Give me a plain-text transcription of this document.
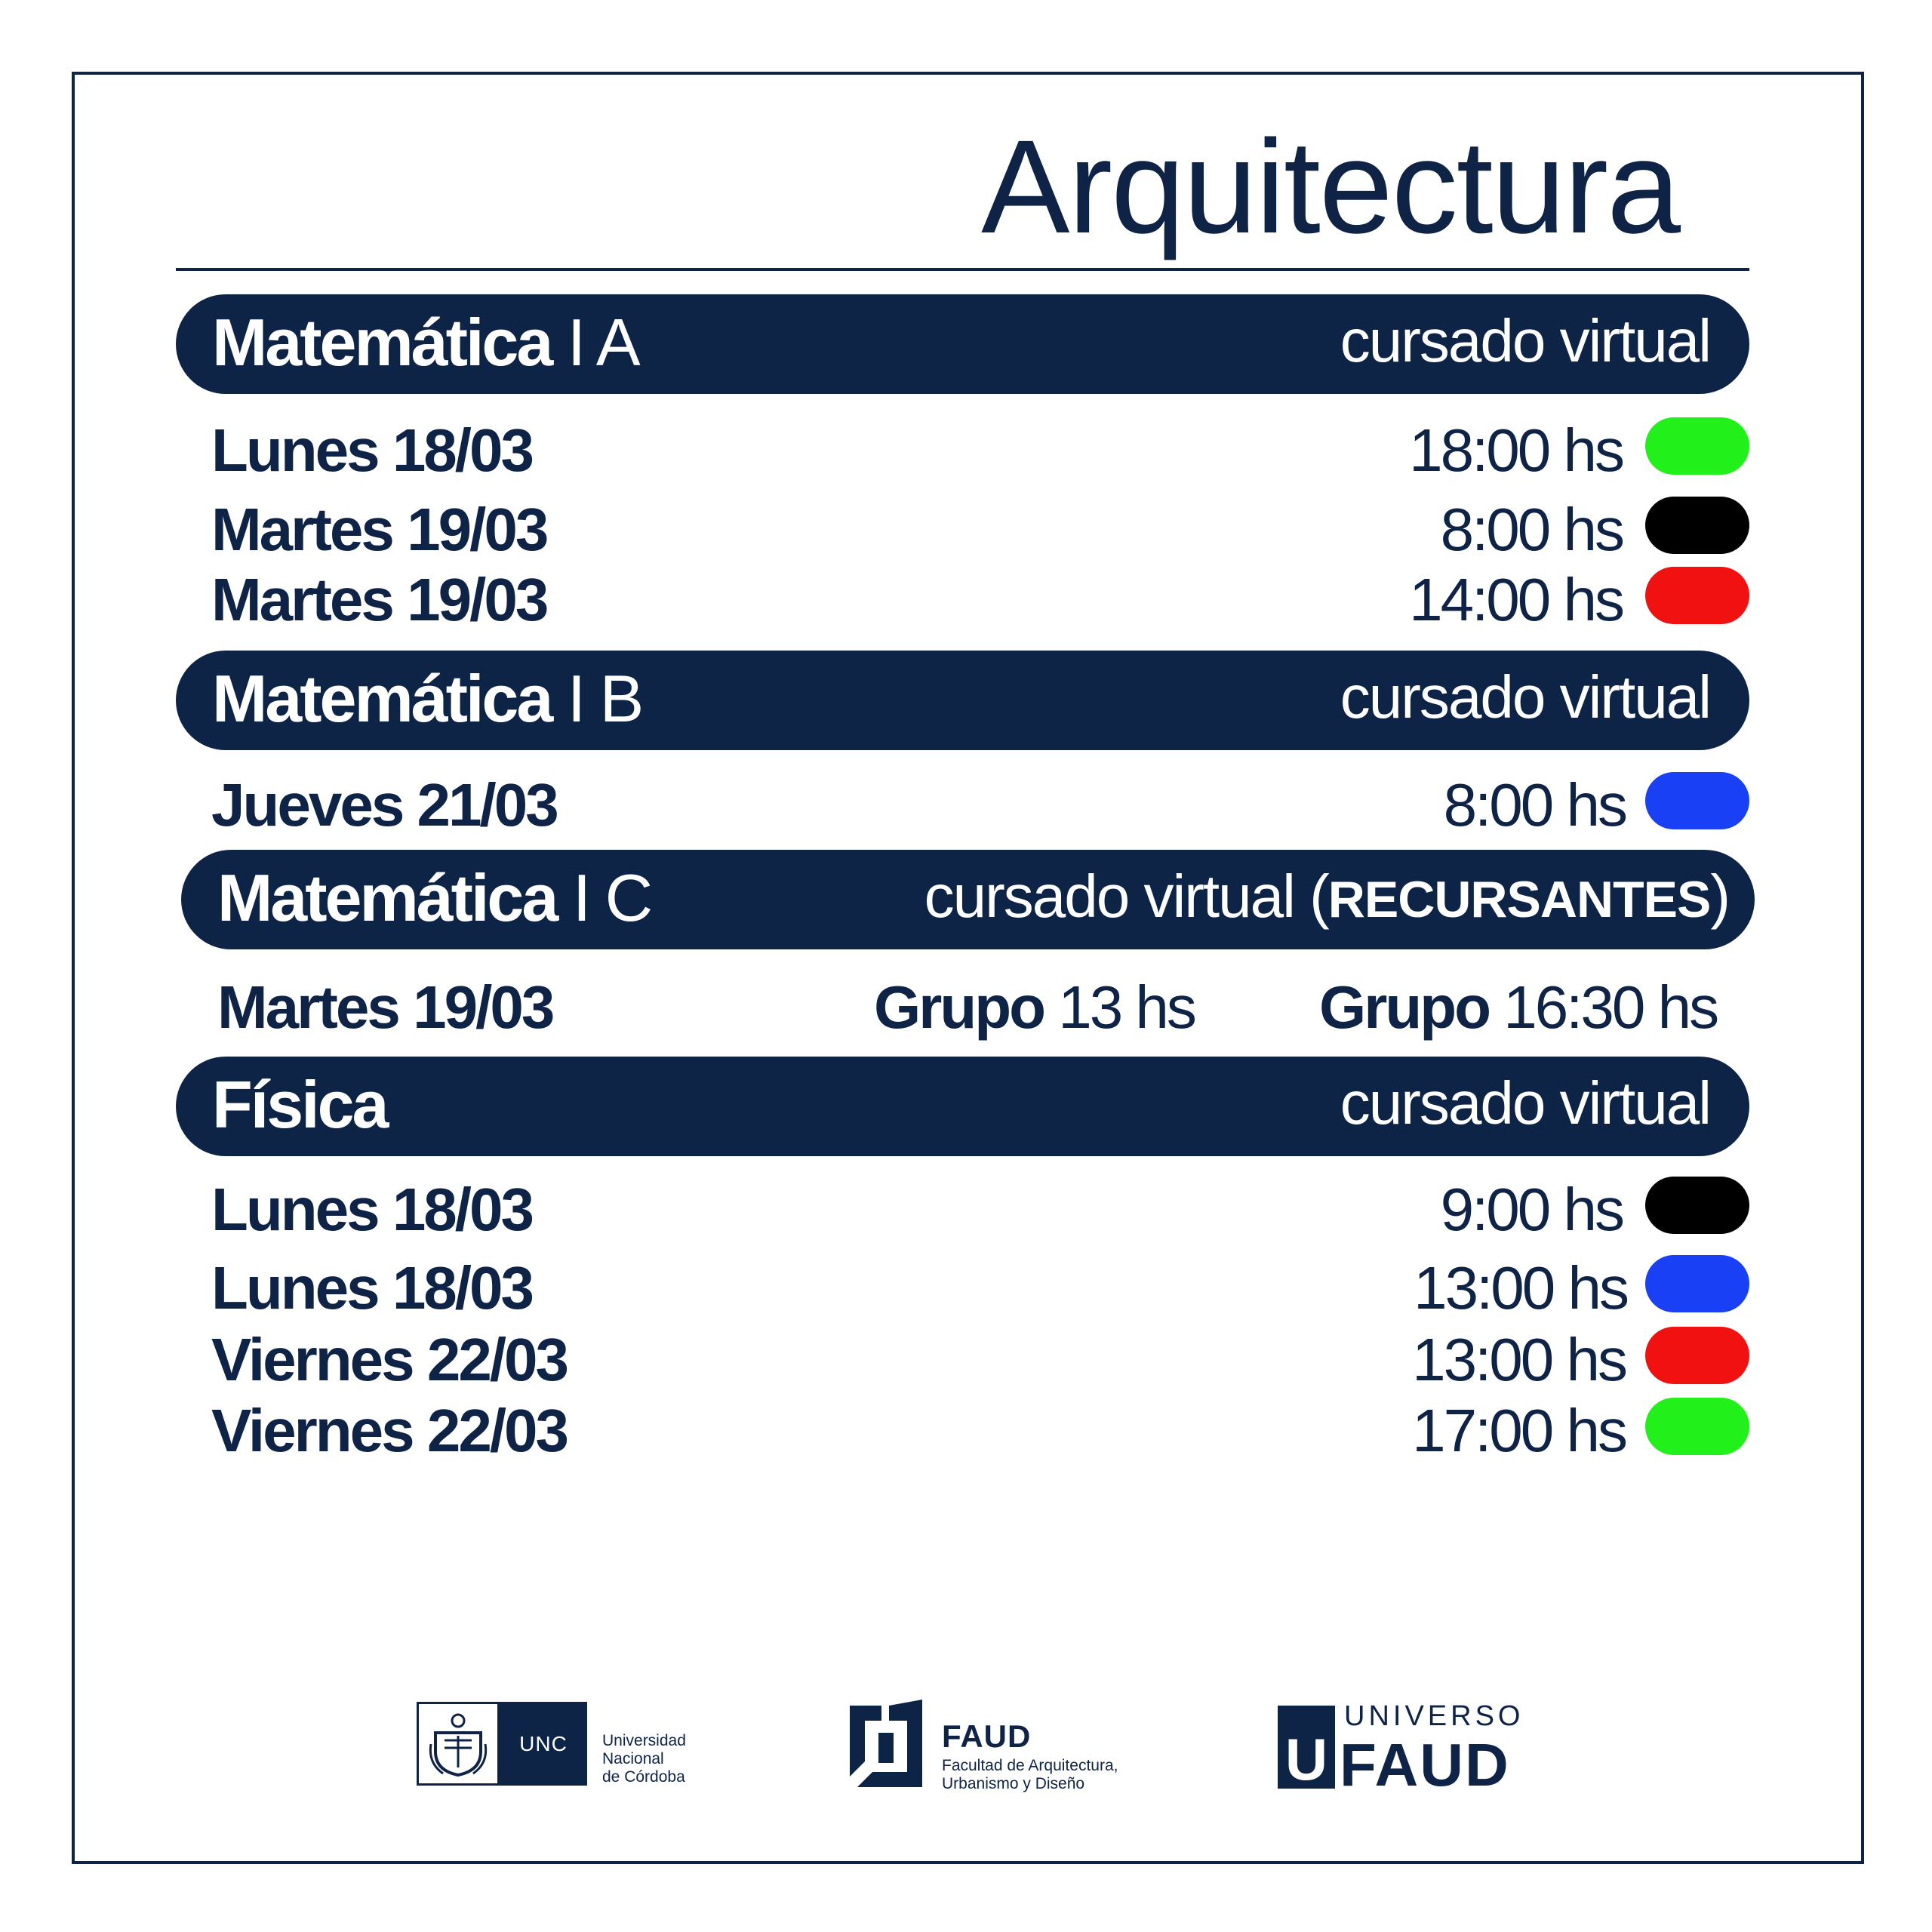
Arquitectura
Matemática I A	cursado virtual
Lunes 18/03	18:00 hs
Martes 19/03	8:00 hs
Martes 19/03	14:00 hs
Matemática I B	cursado virtual
Jueves 21/03	8:00 hs
Matemática I C	cursado virtual (RECURSANTES)
Martes 19/03	Grupo 13 hs Grupo 16:30 hs
Física	cursado virtual
Lunes 18/03	9:00 hs
Lunes 18/03	13:00 hs
Viernes 22/03	13:00 hs
Viernes 22/03	17:00 hs
UNC	Universidad
Nacional
de Córdoba
FAUD
Facultad de Arquitectura,
Urbanismo y Diseño	U
UNIVERSO
FAUD
